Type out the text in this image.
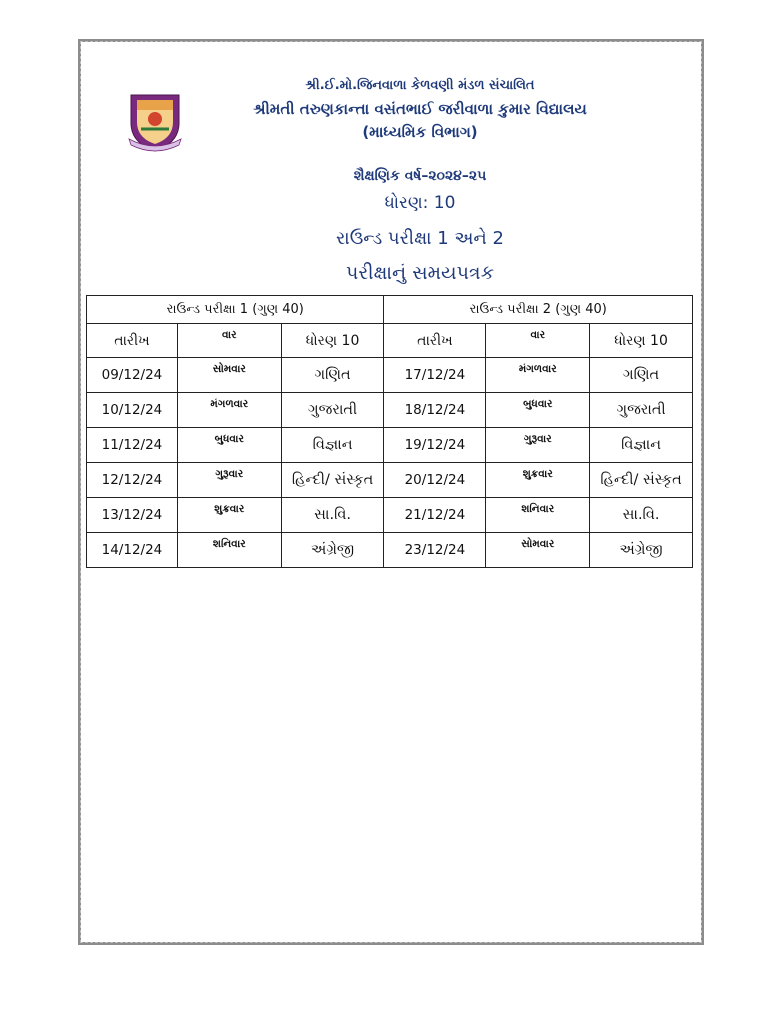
શ્રી.ઈ.મો.જિનવાળા કેળવણી મંડળ સંચાલિત
શ્રીમતી તરુણકાન્તા વસંતભાઈ જરીવાળા કુમાર વિદ્યાલય
(માધ્યમિક વિભાગ)
શૈક્ષણિક વર્ષ–૨૦૨૪–૨૫
ધોરણ: 10
રાઉન્ડ પરીક્ષા 1 અને 2
પરીક્ષાનું સમયપત્રક
રાઉન્ડ પરીક્ષા 1 (ગુણ 40)			રાઉન્ડ પરીક્ષા 2 (ગુણ 40)		
તારીખ	વાર	ધોરણ 10	તારીખ	વાર	ધોરણ 10
09/12/24	સોમવાર	ગણિત	17/12/24	મંગળવાર	ગણિત
10/12/24	મંગળવાર	ગુજરાતી	18/12/24	બુધવાર	ગુજરાતી
11/12/24	બુધવાર	વિજ્ઞાન	19/12/24	ગુરૂવાર	વિજ્ઞાન
12/12/24	ગુરૂવાર	હિન્દી/ સંસ્કૃત	20/12/24	શુક્રવાર	હિન્દી/ સંસ્કૃત
13/12/24	શુક્રવાર	સા.વિ.	21/12/24	શનિવાર	સા.વિ.
14/12/24	શનિવાર	અંગ્રેજી	23/12/24	સોમવાર	અંગ્રેજી
